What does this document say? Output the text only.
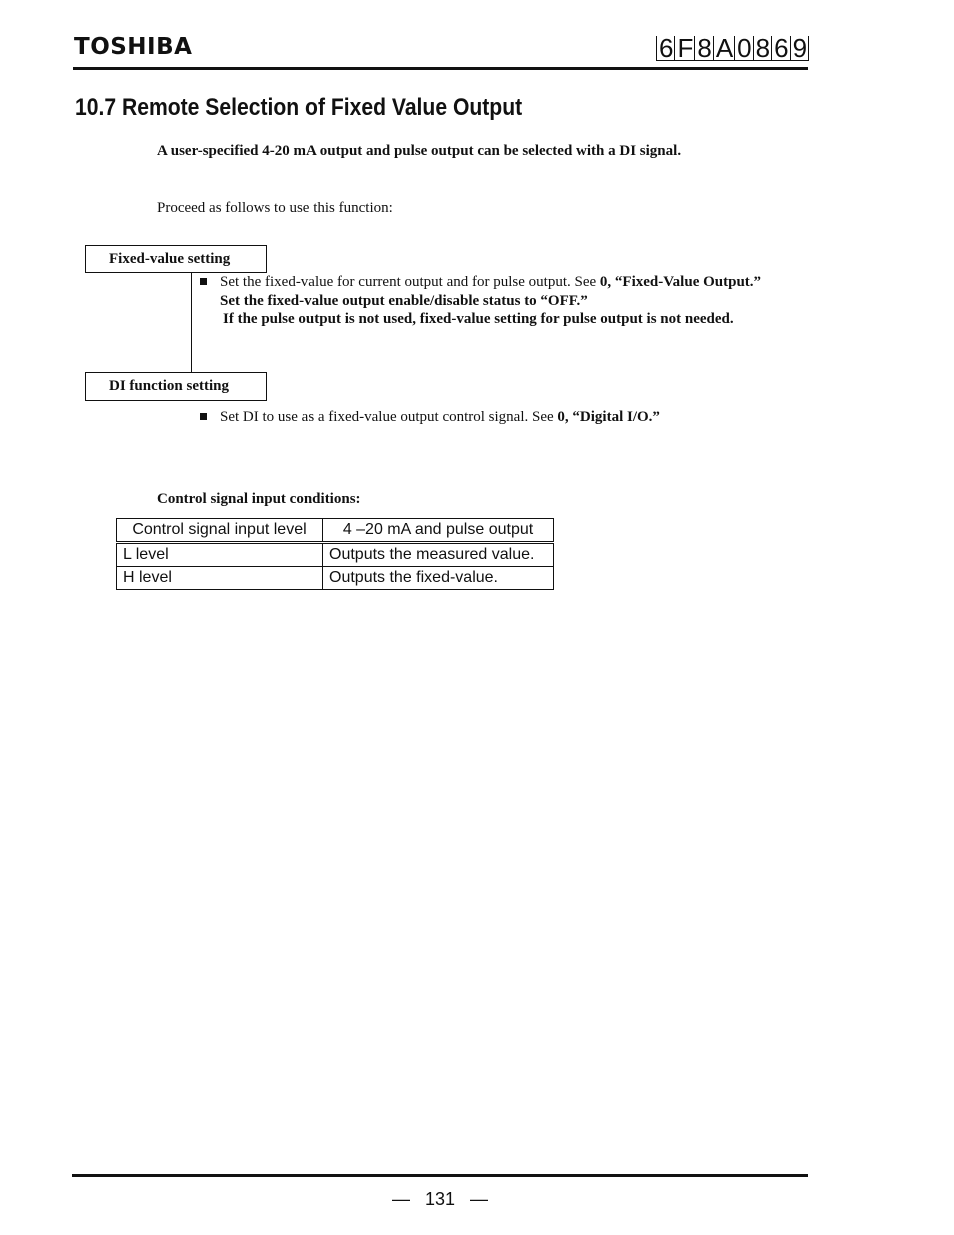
TOSHIBA	6 F 8 A 0 8 6 9
10.7 Remote Selection of Fixed Value Output
A user-specified 4-20 mA output and pulse output can be selected with a DI signal.
Proceed as follows to use this function:
Fixed-value setting
Set the fixed-value for current output and for pulse output. See 0, “Fixed-Value Output.” Set the fixed-value output enable/disable status to “OFF.”
If the pulse output is not used, fixed-value setting for pulse output is not needed.
DI function setting
Set DI to use as a fixed-value output control signal. See 0, “Digital I/O.”
Control signal input conditions:
Control signal input level	4 –20 mA and pulse output
L level	Outputs the measured value.
H level	Outputs the fixed-value.
— 131 —
